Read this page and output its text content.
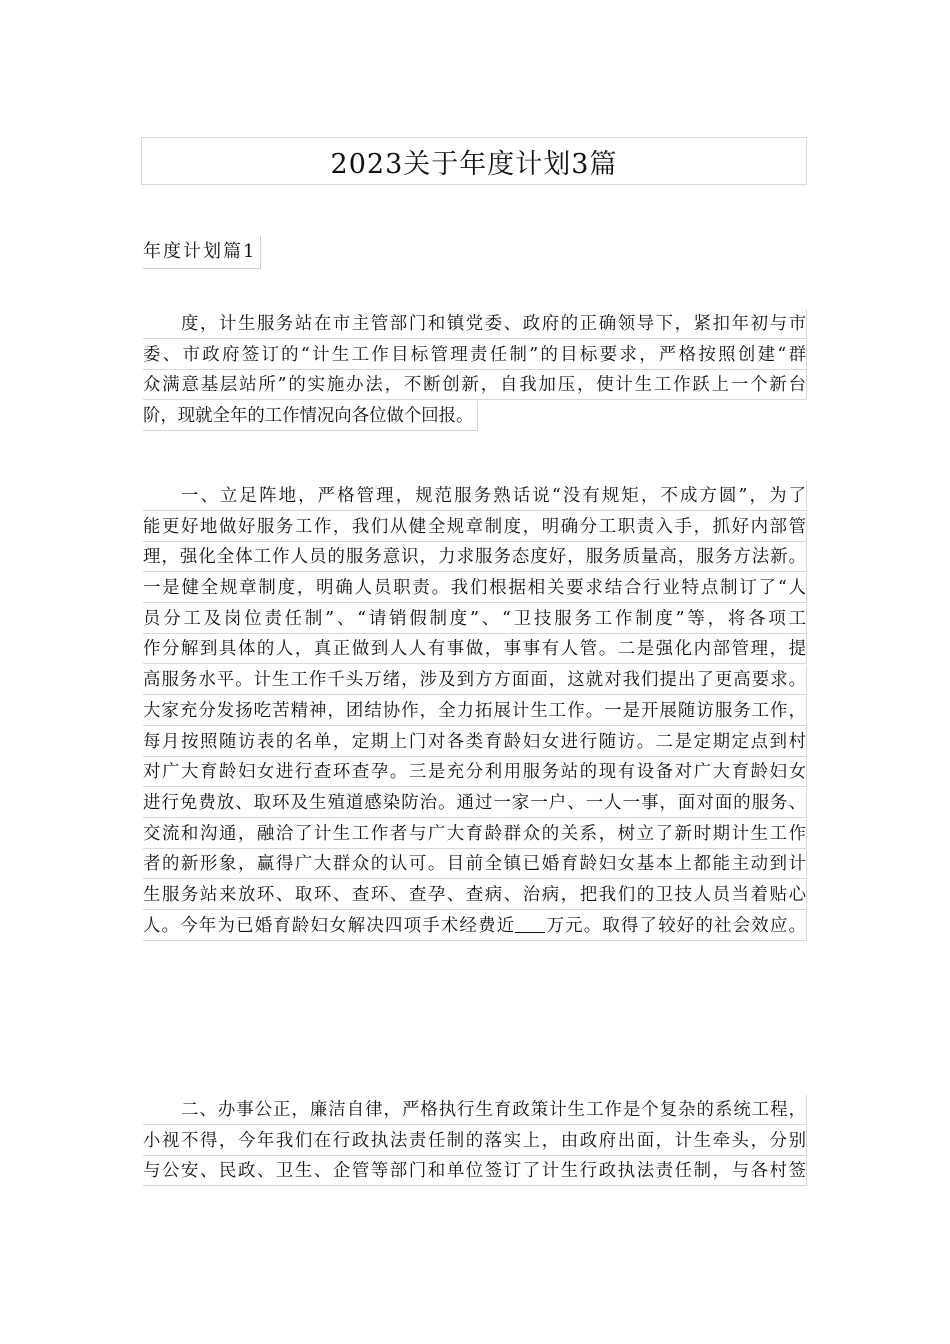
2023关于年度计划3篇
年度计划篇1
度，计生服务站在市主管部门和镇党委、政府的正确领导下，紧扣年初与市
委、市政府签订的“计生工作目标管理责任制”的目标要求，严格按照创建“群
众满意基层站所”的实施办法，不断创新，自我加压，使计生工作跃上一个新台
阶，现就全年的工作情况向各位做个回报。
一、立足阵地，严格管理，规范服务熟话说“没有规矩，不成方圆”，为了
能更好地做好服务工作，我们从健全规章制度，明确分工职责入手，抓好内部管
理，强化全体工作人员的服务意识，力求服务态度好，服务质量高，服务方法新。
一是健全规章制度，明确人员职责。我们根据相关要求结合行业特点制订了“人
员分工及岗位责任制”、“请销假制度”、“卫技服务工作制度”等，将各项工
作分解到具体的人，真正做到人人有事做，事事有人管。二是强化内部管理，提
高服务水平。计生工作千头万绪，涉及到方方面面，这就对我们提出了更高要求。
大家充分发扬吃苦精神，团结协作，全力拓展计生工作。一是开展随访服务工作，
每月按照随访表的名单，定期上门对各类育龄妇女进行随访。二是定期定点到村
对广大育龄妇女进行查环查孕。三是充分利用服务站的现有设备对广大育龄妇女
进行免费放、取环及生殖道感染防治。通过一家一户、一人一事，面对面的服务、
交流和沟通，融洽了计生工作者与广大育龄群众的关系，树立了新时期计生工作
者的新形象，赢得广大群众的认可。目前全镇已婚育龄妇女基本上都能主动到计
生服务站来放环、取环、查环、查孕、查病、治病，把我们的卫技人员当着贴心
人。今年为已婚育龄妇女解决四项手术经费近 万元。取得了较好的社会效应。
二、办事公正，廉洁自律，严格执行生育政策计生工作是个复杂的系统工程，
小视不得，今年我们在行政执法责任制的落实上，由政府出面，计生牵头，分别
与公安、民政、卫生、企管等部门和单位签订了计生行政执法责任制，与各村签
